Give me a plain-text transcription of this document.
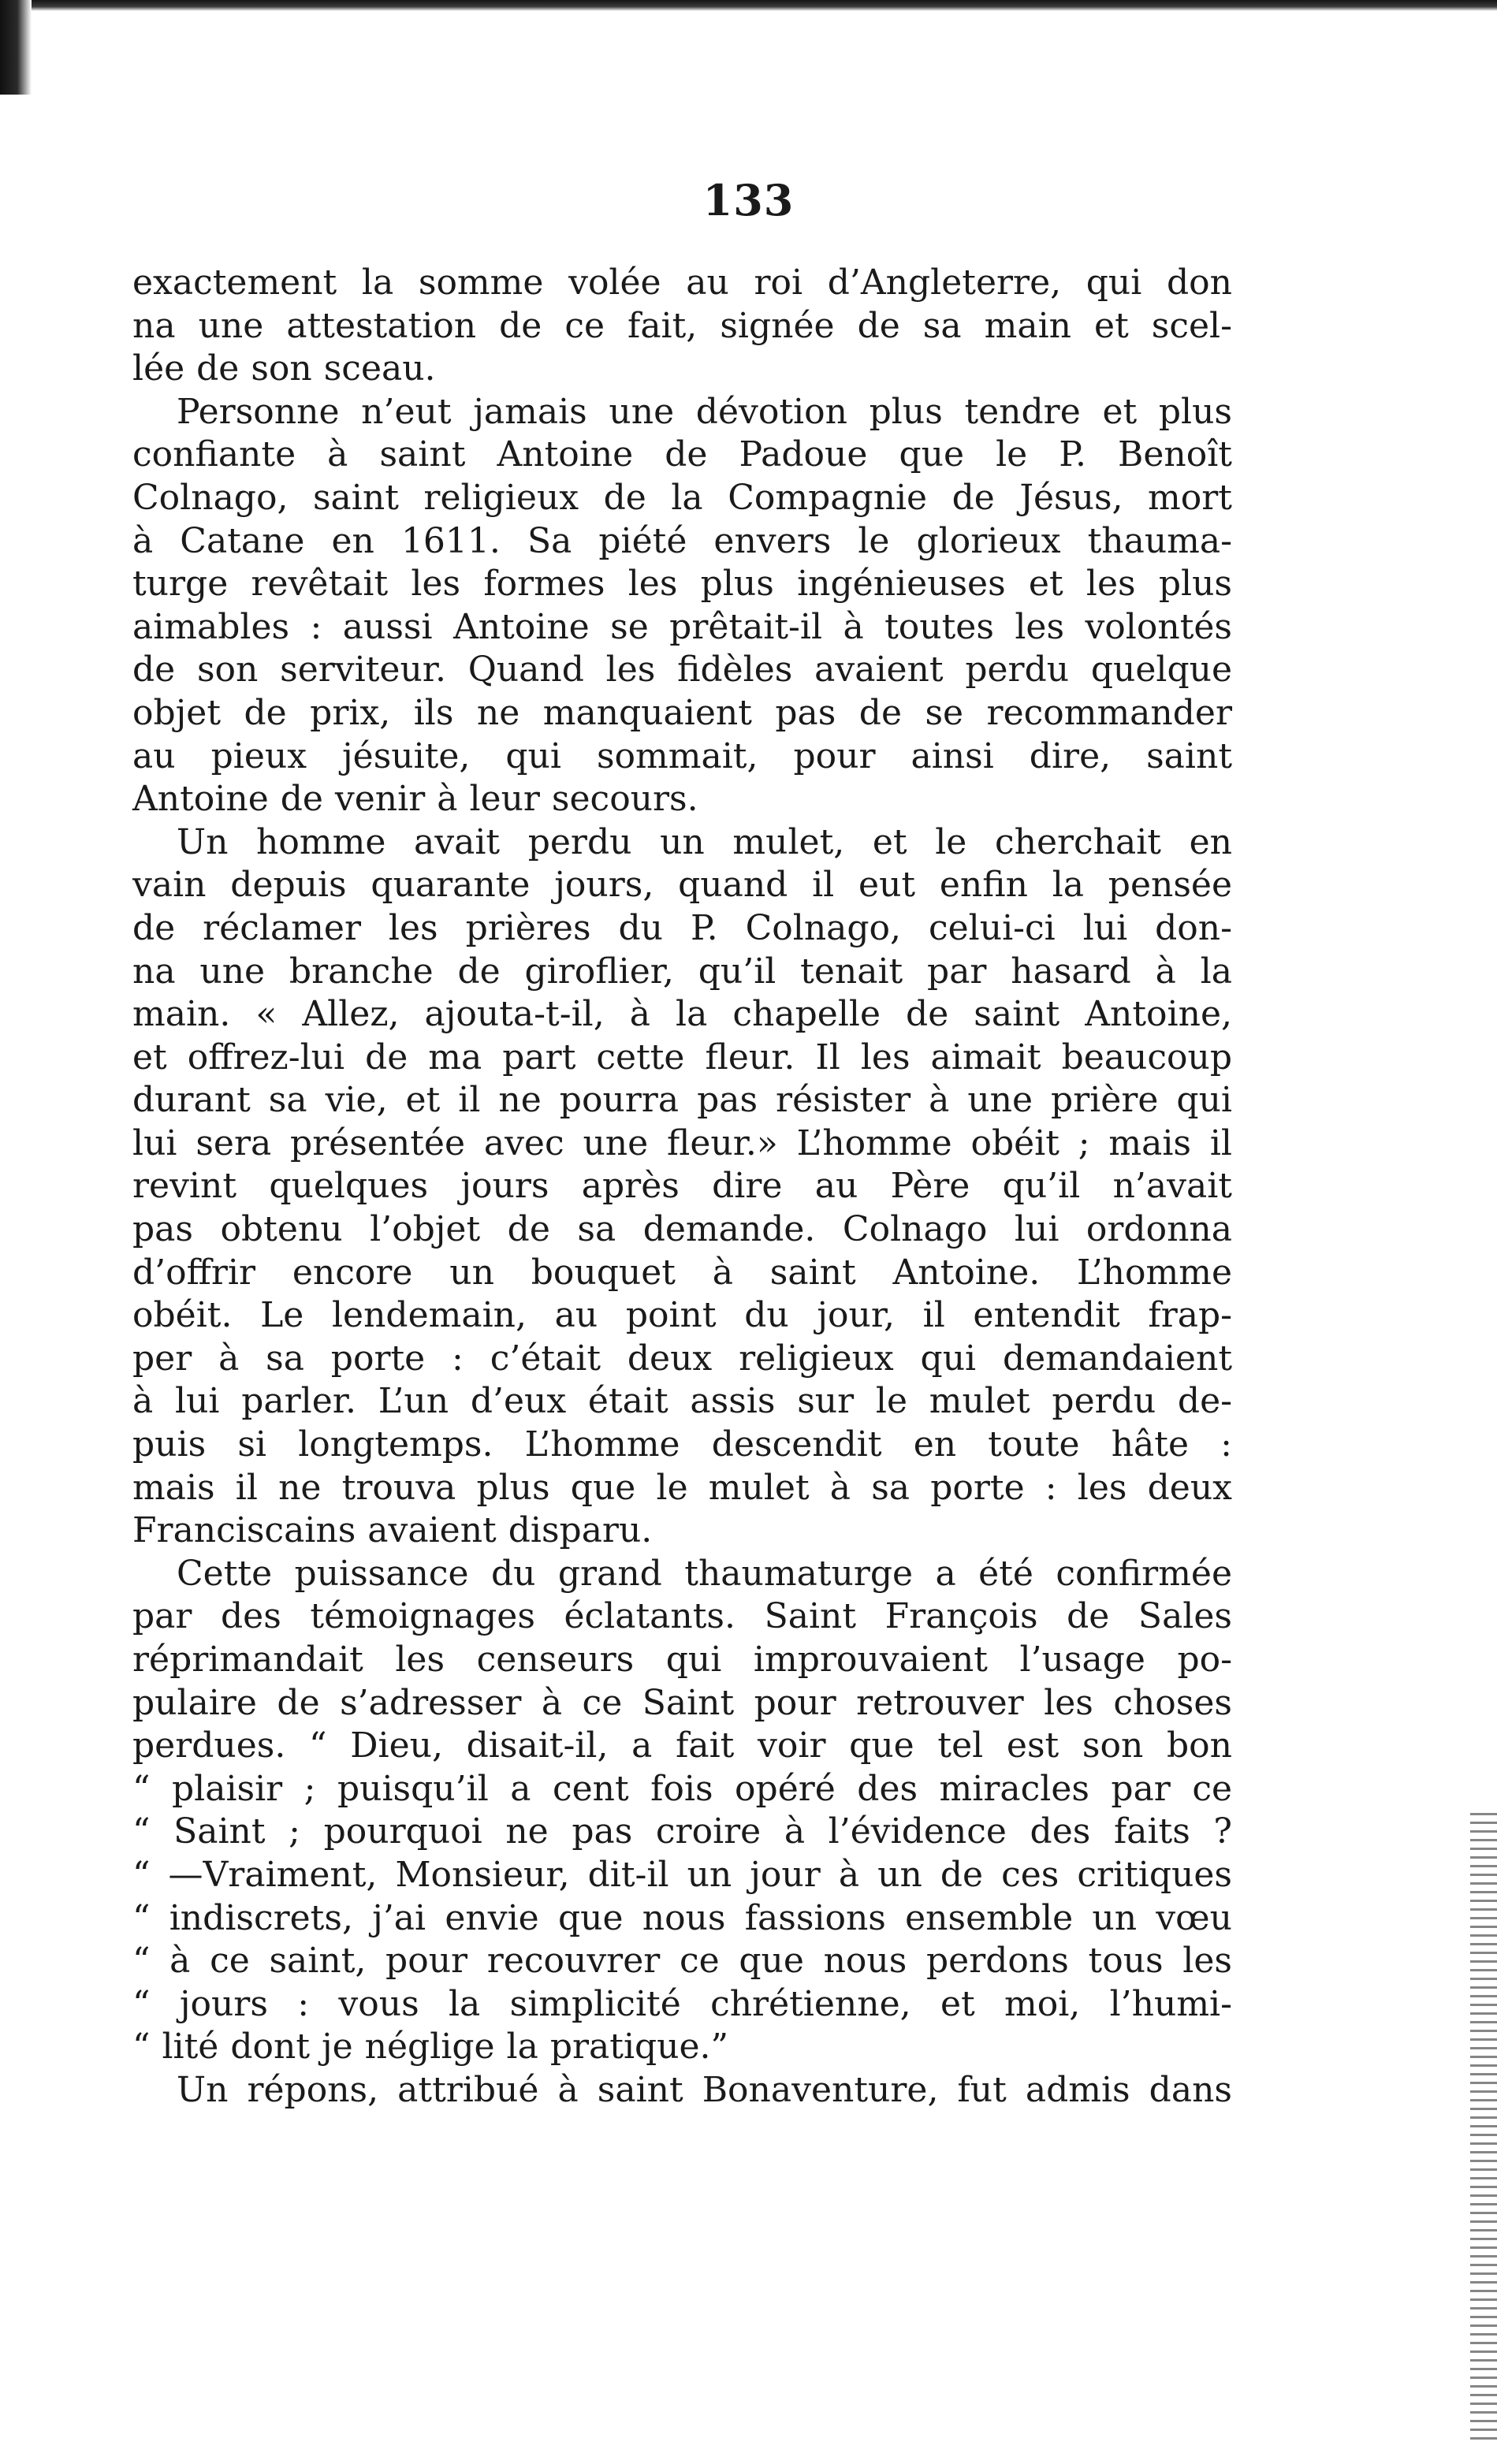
133
exactement la somme volée au roi d’Angleterre, qui don
na une attestation de ce fait, signée de sa main et scel-
lée de son sceau.
Personne n’eut jamais une dévotion plus tendre et plus
confiante à saint Antoine de Padoue que le P. Benoît
Colnago, saint religieux de la Compagnie de Jésus, mort
à Catane en 1611. Sa piété envers le glorieux thauma-
turge revêtait les formes les plus ingénieuses et les plus
aimables : aussi Antoine se prêtait-il à toutes les volontés
de son serviteur. Quand les fidèles avaient perdu quelque
objet de prix, ils ne manquaient pas de se recommander
au pieux jésuite, qui sommait, pour ainsi dire, saint
Antoine de venir à leur secours.
Un homme avait perdu un mulet, et le cherchait en
vain depuis quarante jours, quand il eut enfin la pensée
de réclamer les prières du P. Colnago, celui-ci lui don-
na une branche de giroflier, qu’il tenait par hasard à la
main. « Allez, ajouta-t-il, à la chapelle de saint Antoine,
et offrez-lui de ma part cette fleur. Il les aimait beaucoup
durant sa vie, et il ne pourra pas résister à une prière qui
lui sera présentée avec une fleur.» L’homme obéit ; mais il
revint quelques jours après dire au Père qu’il n’avait
pas obtenu l’objet de sa demande. Colnago lui ordonna
d’offrir encore un bouquet à saint Antoine. L’homme
obéit. Le lendemain, au point du jour, il entendit frap-
per à sa porte : c’était deux religieux qui demandaient
à lui parler. L’un d’eux était assis sur le mulet perdu de-
puis si longtemps. L’homme descendit en toute hâte :
mais il ne trouva plus que le mulet à sa porte : les deux
Franciscains avaient disparu.
Cette puissance du grand thaumaturge a été confirmée
par des témoignages éclatants. Saint François de Sales
réprimandait les censeurs qui improuvaient l’usage po-
pulaire de s’adresser à ce Saint pour retrouver les choses
perdues. “ Dieu, disait-il, a fait voir que tel est son bon
“ plaisir ; puisqu’il a cent fois opéré des miracles par ce
“ Saint ; pourquoi ne pas croire à l’évidence des faits ?
“ —Vraiment, Monsieur, dit-il un jour à un de ces critiques
“ indiscrets, j’ai envie que nous fassions ensemble un vœu
“ à ce saint, pour recouvrer ce que nous perdons tous les
“ jours : vous la simplicité chrétienne, et moi, l’humi-
“ lité dont je néglige la pratique.”
Un répons, attribué à saint Bonaventure, fut admis dans
